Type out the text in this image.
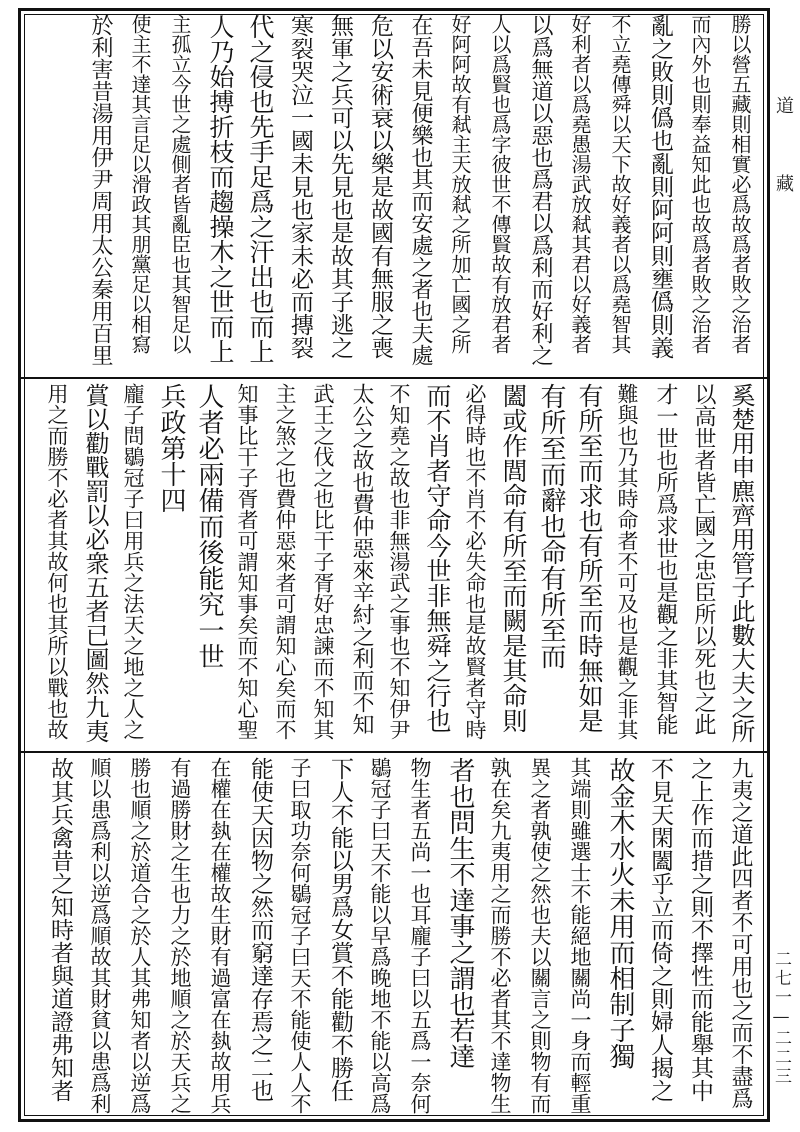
道藏
二七一—二二三
勝以營五藏則相實必爲故爲者敗之治者
而內外也則奉益知此也故爲者敗之治者
亂之敗則僞也亂則阿阿則壅僞則義
不立堯傳舜以天下故好義者以爲堯智其
好利者以爲堯愚湯武放弒其君以好義者
以爲無道以惡也爲君以爲利而好利之
人以爲賢也爲字彼世不傳賢故有放君者
好阿阿故有弒主天放弒之所加亡國之所
在吾未見便樂也其而安處之者也夫處
危以安術衰以樂是故國有無服之喪
無軍之兵可以先見也是故其子逃之
寒裂哭泣一國未見也家未必而摶裂
代之侵也先手足爲之汗出也而上
人乃始搏折枝而趨操木之世而上
主孤立今世之處側者皆亂臣也其智足以
使主不達其言足以滑政其朋黨足以相寫
於利害昔湯用伊尹周用太公秦用百里
奚楚用申麃齊用管子此數大夫之所
以高世者皆亡國之忠臣所以死也之此
才一世也所爲求世也是觀之非其智能
難與也乃其時命者不可及也是觀之非其
有所至而求也有所至而時無如是
有所至而辭也命有所至而
闔或作閭命有所至而闕是其命則
必得時也不肖不必失命也是故賢者守時
而不肖者守命今世非無舜之行也
不知堯之故也非無湯武之事也不知伊尹
太公之故也費仲惡來辛紂之利而不知
武王之伐之也比干子胥好忠諫而不知其
主之煞之也費仲惡來者可謂知心矣而不
知事比干子胥者可謂知事矣而不知心聖
人者必兩備而後能究一世
兵政第十四
龐子問鶡冠子曰用兵之法天之地之人之
賞以勸戰罰以必衆五者已圖然九夷
用之而勝不必者其故何也其所以戰也故
九夷之道此四者不可用也之而不盡爲
之上作而措之則不擇性而能舉其中
不見天閑闔乎立而倚之則婦人揭之
故金木水火未用而相制子獨
其端則雖選士不能絕地關尚一身而輕重
異之者孰使之然也夫以關言之則物有而
孰在矣九夷用之而勝不必者其不達物生
者也問生不達事之謂也若達
物生者五尚一也耳龐子曰以五爲一奈何
鶡冠子曰天不能以早爲晚地不能以高爲
下人不能以男爲女賞不能勸不勝任
子曰取功奈何鶡冠子曰天不能使人人不
能使天因物之然而窮達存焉之二也
在權在埶在權故生財有過富在埶故用兵
有過勝財之生也力之於地順之於天兵之
勝也順之於道合之於人其弗知者以逆爲
順以患爲利以逆爲順故其財貧以患爲利
故其兵禽昔之知時者與道證弗知者
